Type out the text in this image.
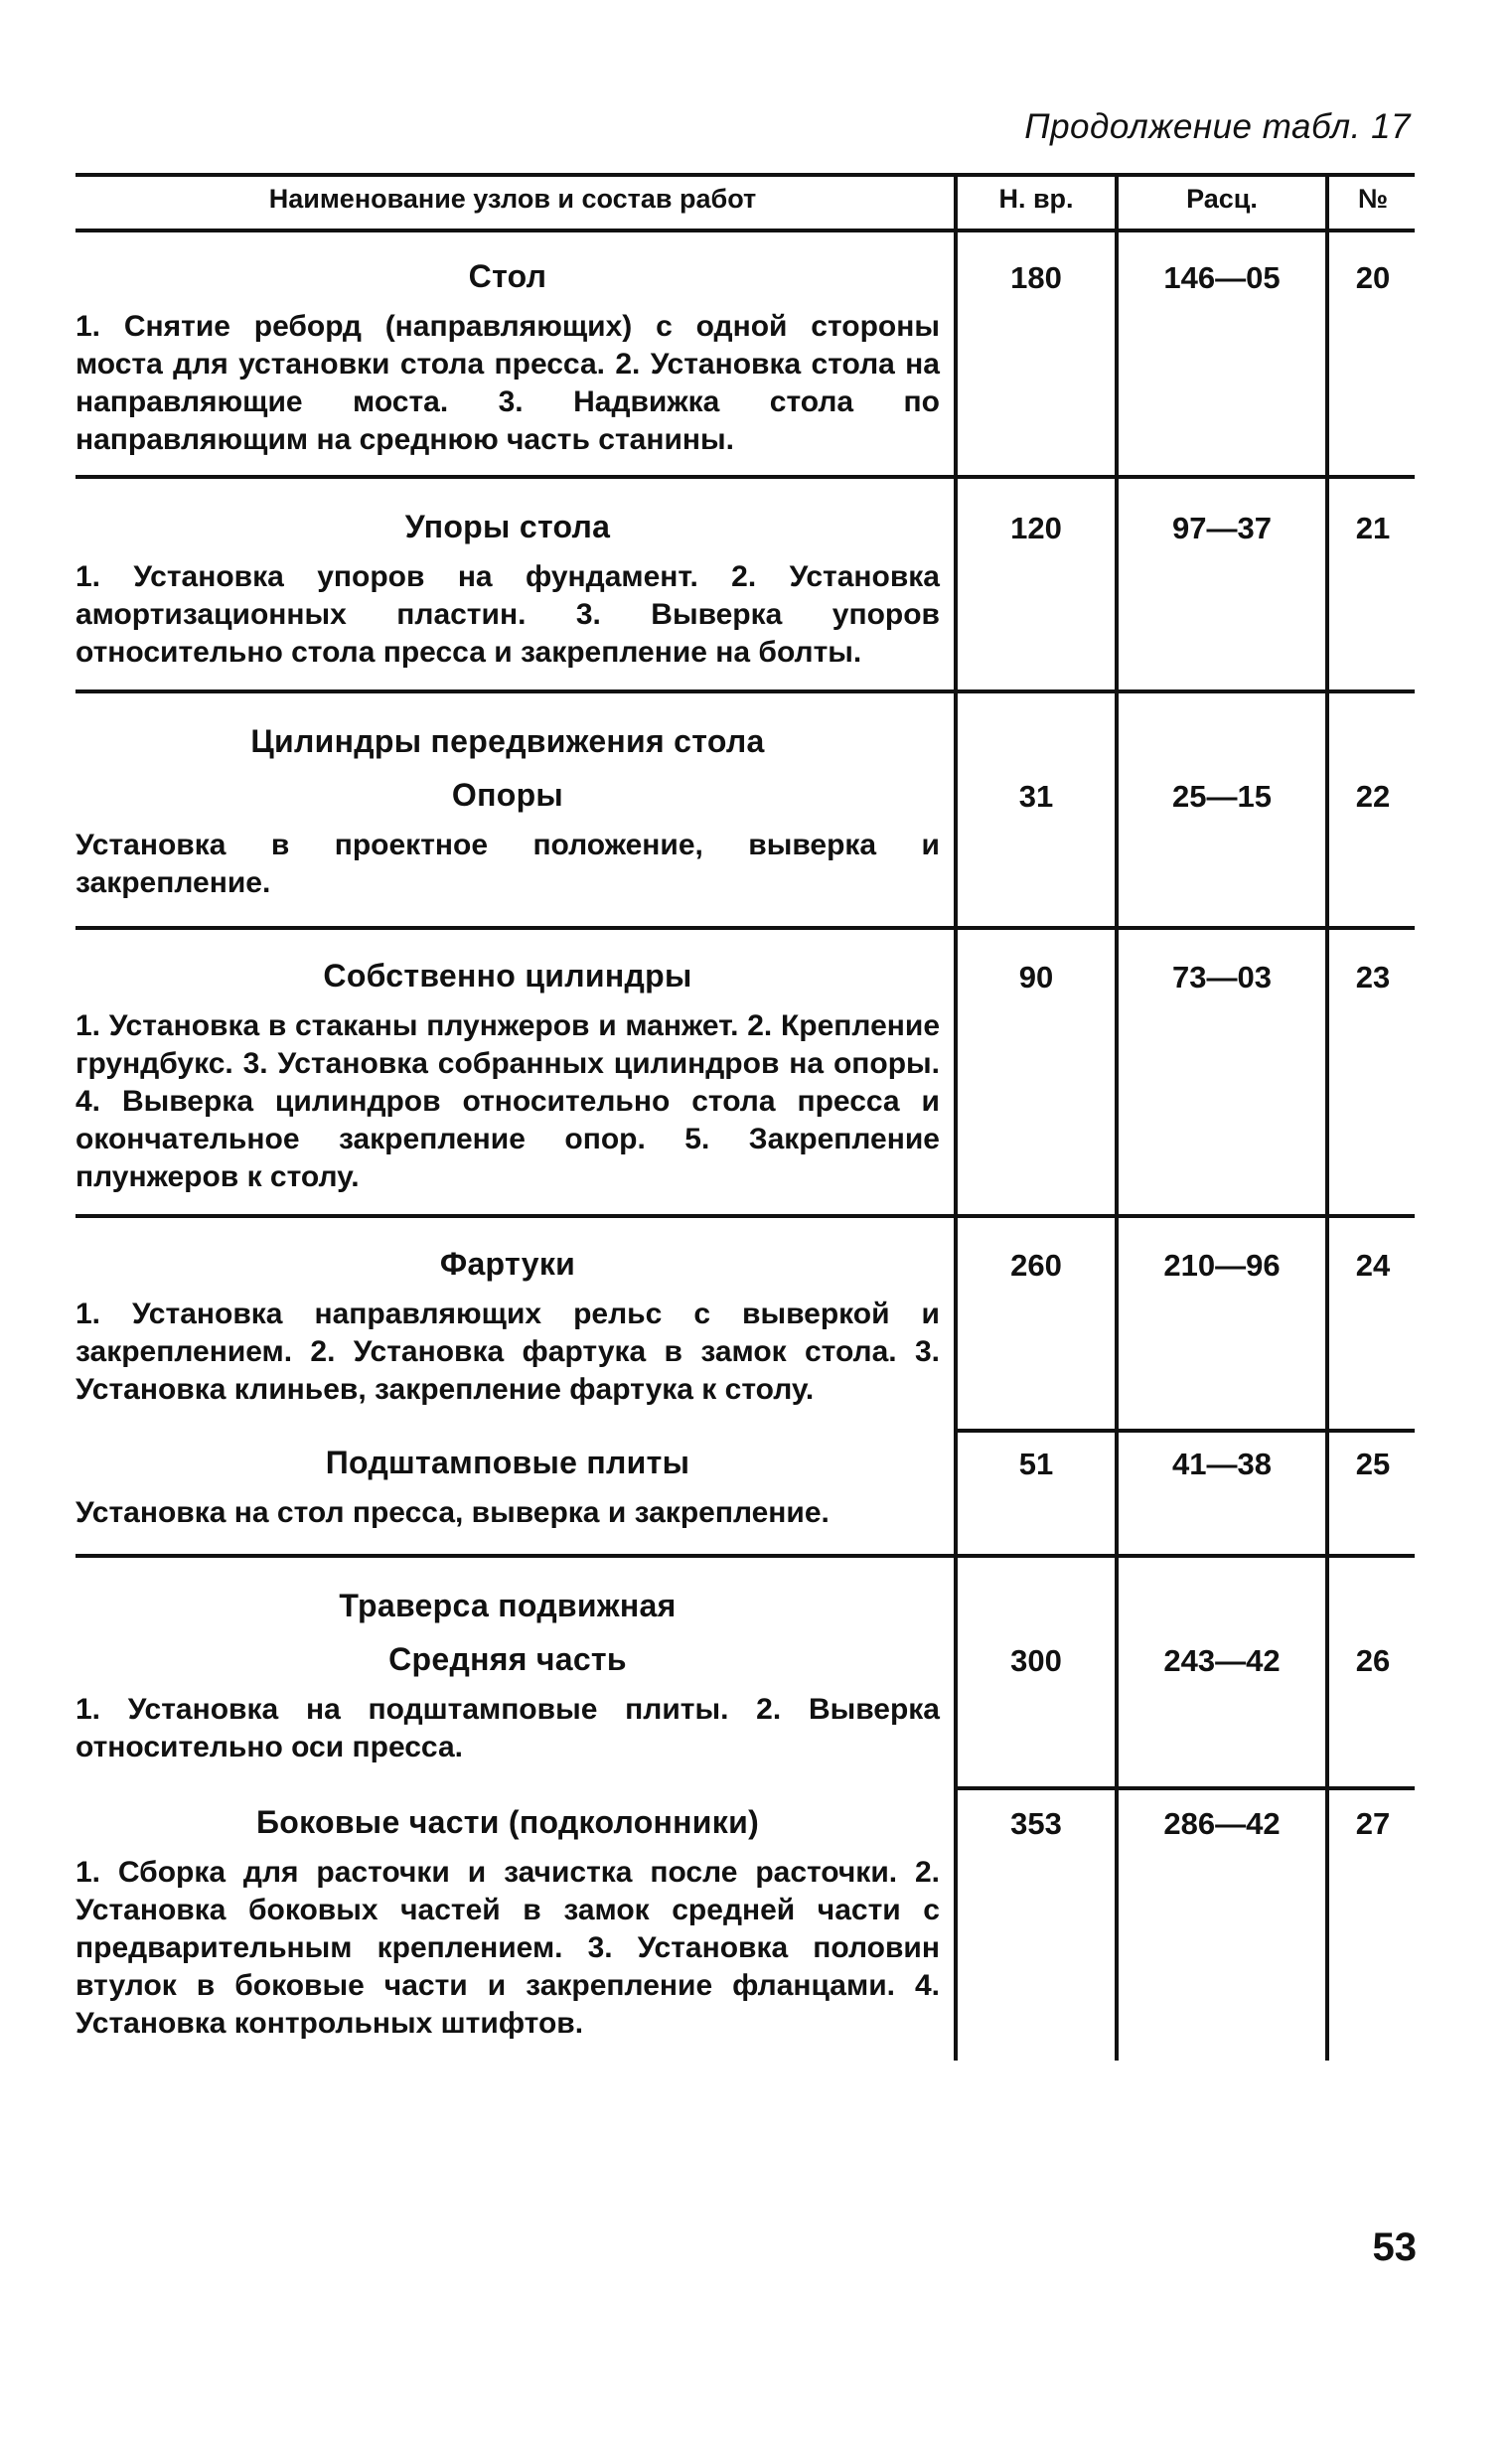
Продолжение табл. 17
Наименование узлов и состав работ	Н. вр.	Расц.	№
Стол
1. Снятие реборд (направляющих) с одной стороны моста для установки стола пресса. 2. Установка стола на направляющие моста. 3. Надвижка стола по направляющим на среднюю часть станины.
180	146—05	20
Упоры стола
1. Установка упоров на фундамент. 2. Установка амортизационных пластин. 3. Выверка упоров относительно стола пресса и закрепление на болты.
120	97—37	21
Цилиндры передвижения стола
Опоры
Установка в проектное положение, выверка и закрепление.
31	25—15	22
Собственно цилиндры
1. Установка в стаканы плунжеров и манжет. 2. Крепление грундбукс. 3. Установка собранных цилиндров на опоры. 4. Выверка цилиндров относительно стола пресса и окончательное закрепление опор. 5. Закрепление плунжеров к столу.
90	73—03	23
Фартуки
1. Установка направляющих рельс с выверкой и закреплением. 2. Установка фартука в замок стола. 3. Установка клиньев, закрепление фартука к столу.
260	210—96	24
Подштамповые плиты
Установка на стол пресса, выверка и закрепление.
51	41—38	25
Траверса подвижная
Средняя часть
1. Установка на подштамповые плиты. 2. Выверка относительно оси пресса.
300	243—42	26
Боковые части (подколонники)
1. Сборка для расточки и зачистка после расточки. 2. Установка боковых частей в замок средней части с предварительным креплением. 3. Установка половин втулок в боковые части и закрепление фланцами. 4. Установка контрольных штифтов.
353	286—42	27
53
